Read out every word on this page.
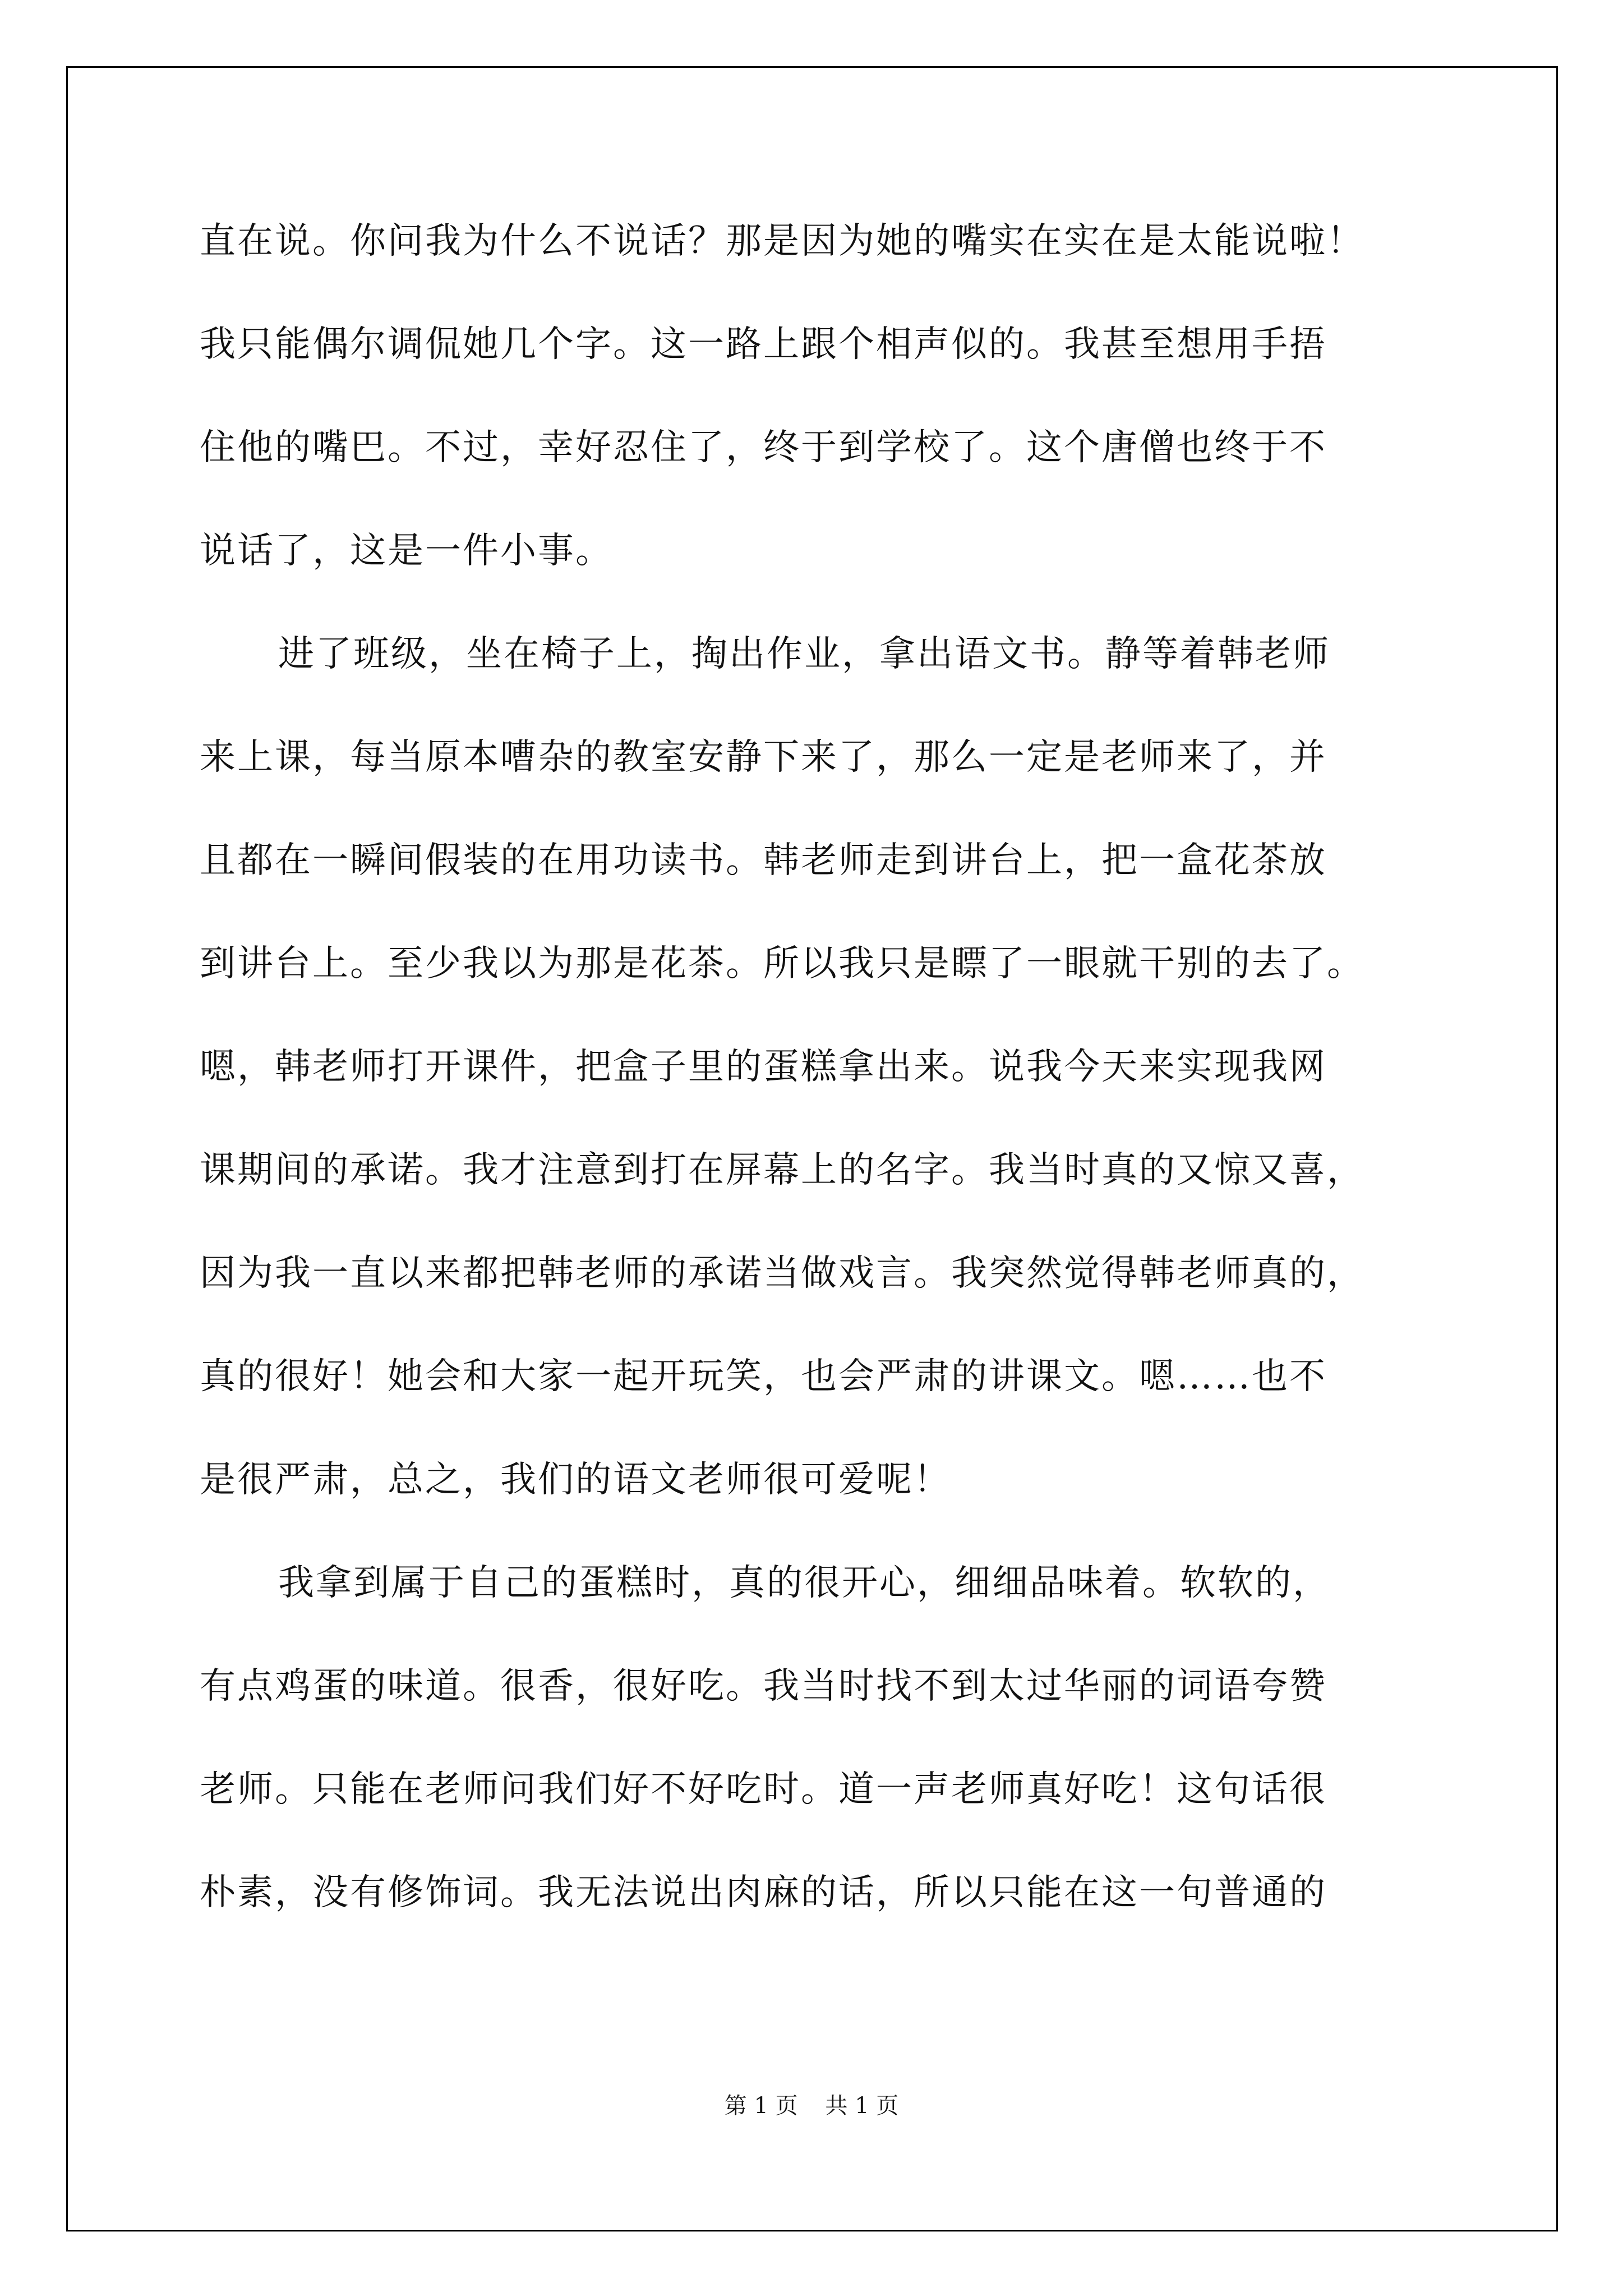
直在说。你问我为什么不说话？那是因为她的嘴实在实在是太能说啦！
我只能偶尔调侃她几个字。这一路上跟个相声似的。我甚至想用手捂
住他的嘴巴。不过，幸好忍住了，终于到学校了。这个唐僧也终于不
说话了，这是一件小事。
进了班级，坐在椅子上，掏出作业，拿出语文书。静等着韩老师
来上课，每当原本嘈杂的教室安静下来了，那么一定是老师来了，并
且都在一瞬间假装的在用功读书。韩老师走到讲台上，把一盒花茶放
到讲台上。至少我以为那是花茶。所以我只是瞟了一眼就干别的去了。
嗯，韩老师打开课件，把盒子里的蛋糕拿出来。说我今天来实现我网
课期间的承诺。我才注意到打在屏幕上的名字。我当时真的又惊又喜，
因为我一直以来都把韩老师的承诺当做戏言。我突然觉得韩老师真的，
真的很好！她会和大家一起开玩笑，也会严肃的讲课文。嗯……也不
是很严肃，总之，我们的语文老师很可爱呢！
我拿到属于自己的蛋糕时，真的很开心，细细品味着。软软的，
有点鸡蛋的味道。很香，很好吃。我当时找不到太过华丽的词语夸赞
老师。只能在老师问我们好不好吃时。道一声老师真好吃！这句话很
朴素，没有修饰词。我无法说出肉麻的话，所以只能在这一句普通的
第 1 页 共 1 页
